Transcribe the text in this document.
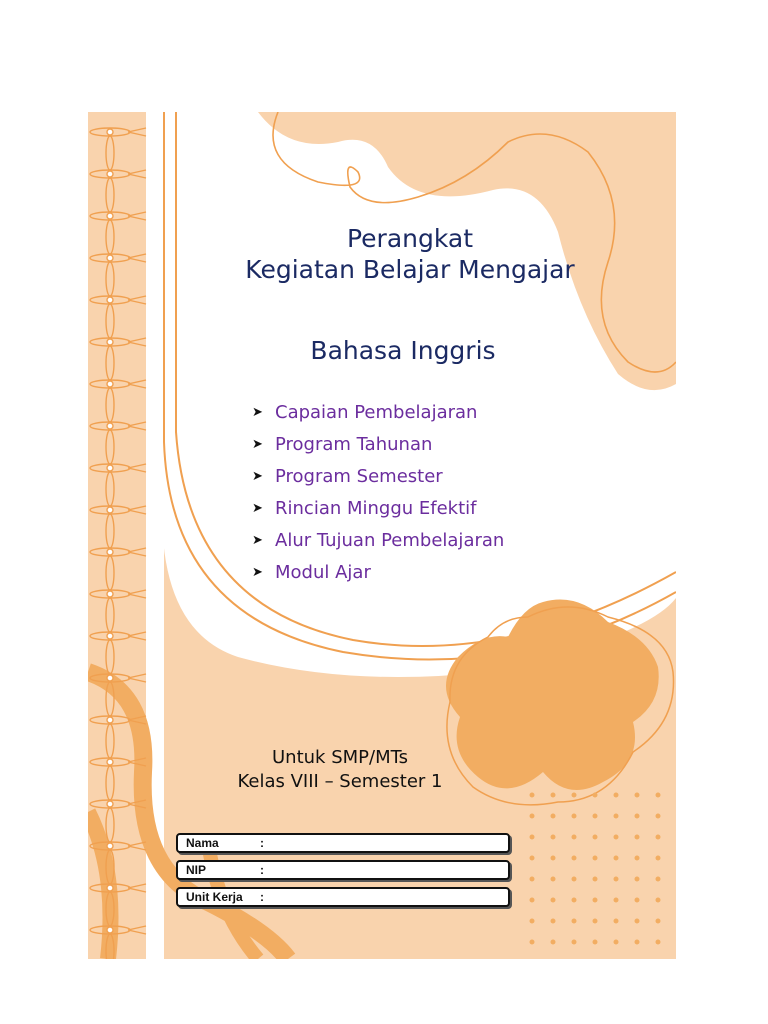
Perangkat
Kegiatan Belajar Mengajar
Bahasa Inggris
➤ Capaian Pembelajaran
➤ Program Tahunan
➤ Program Semester
➤ Rincian Minggu Efektif
➤ Alur Tujuan Pembelajaran
➤ Modul Ajar
Untuk SMP/MTs
Kelas VIII – Semester 1
Nama	:
NIP	:
Unit Kerja	:
